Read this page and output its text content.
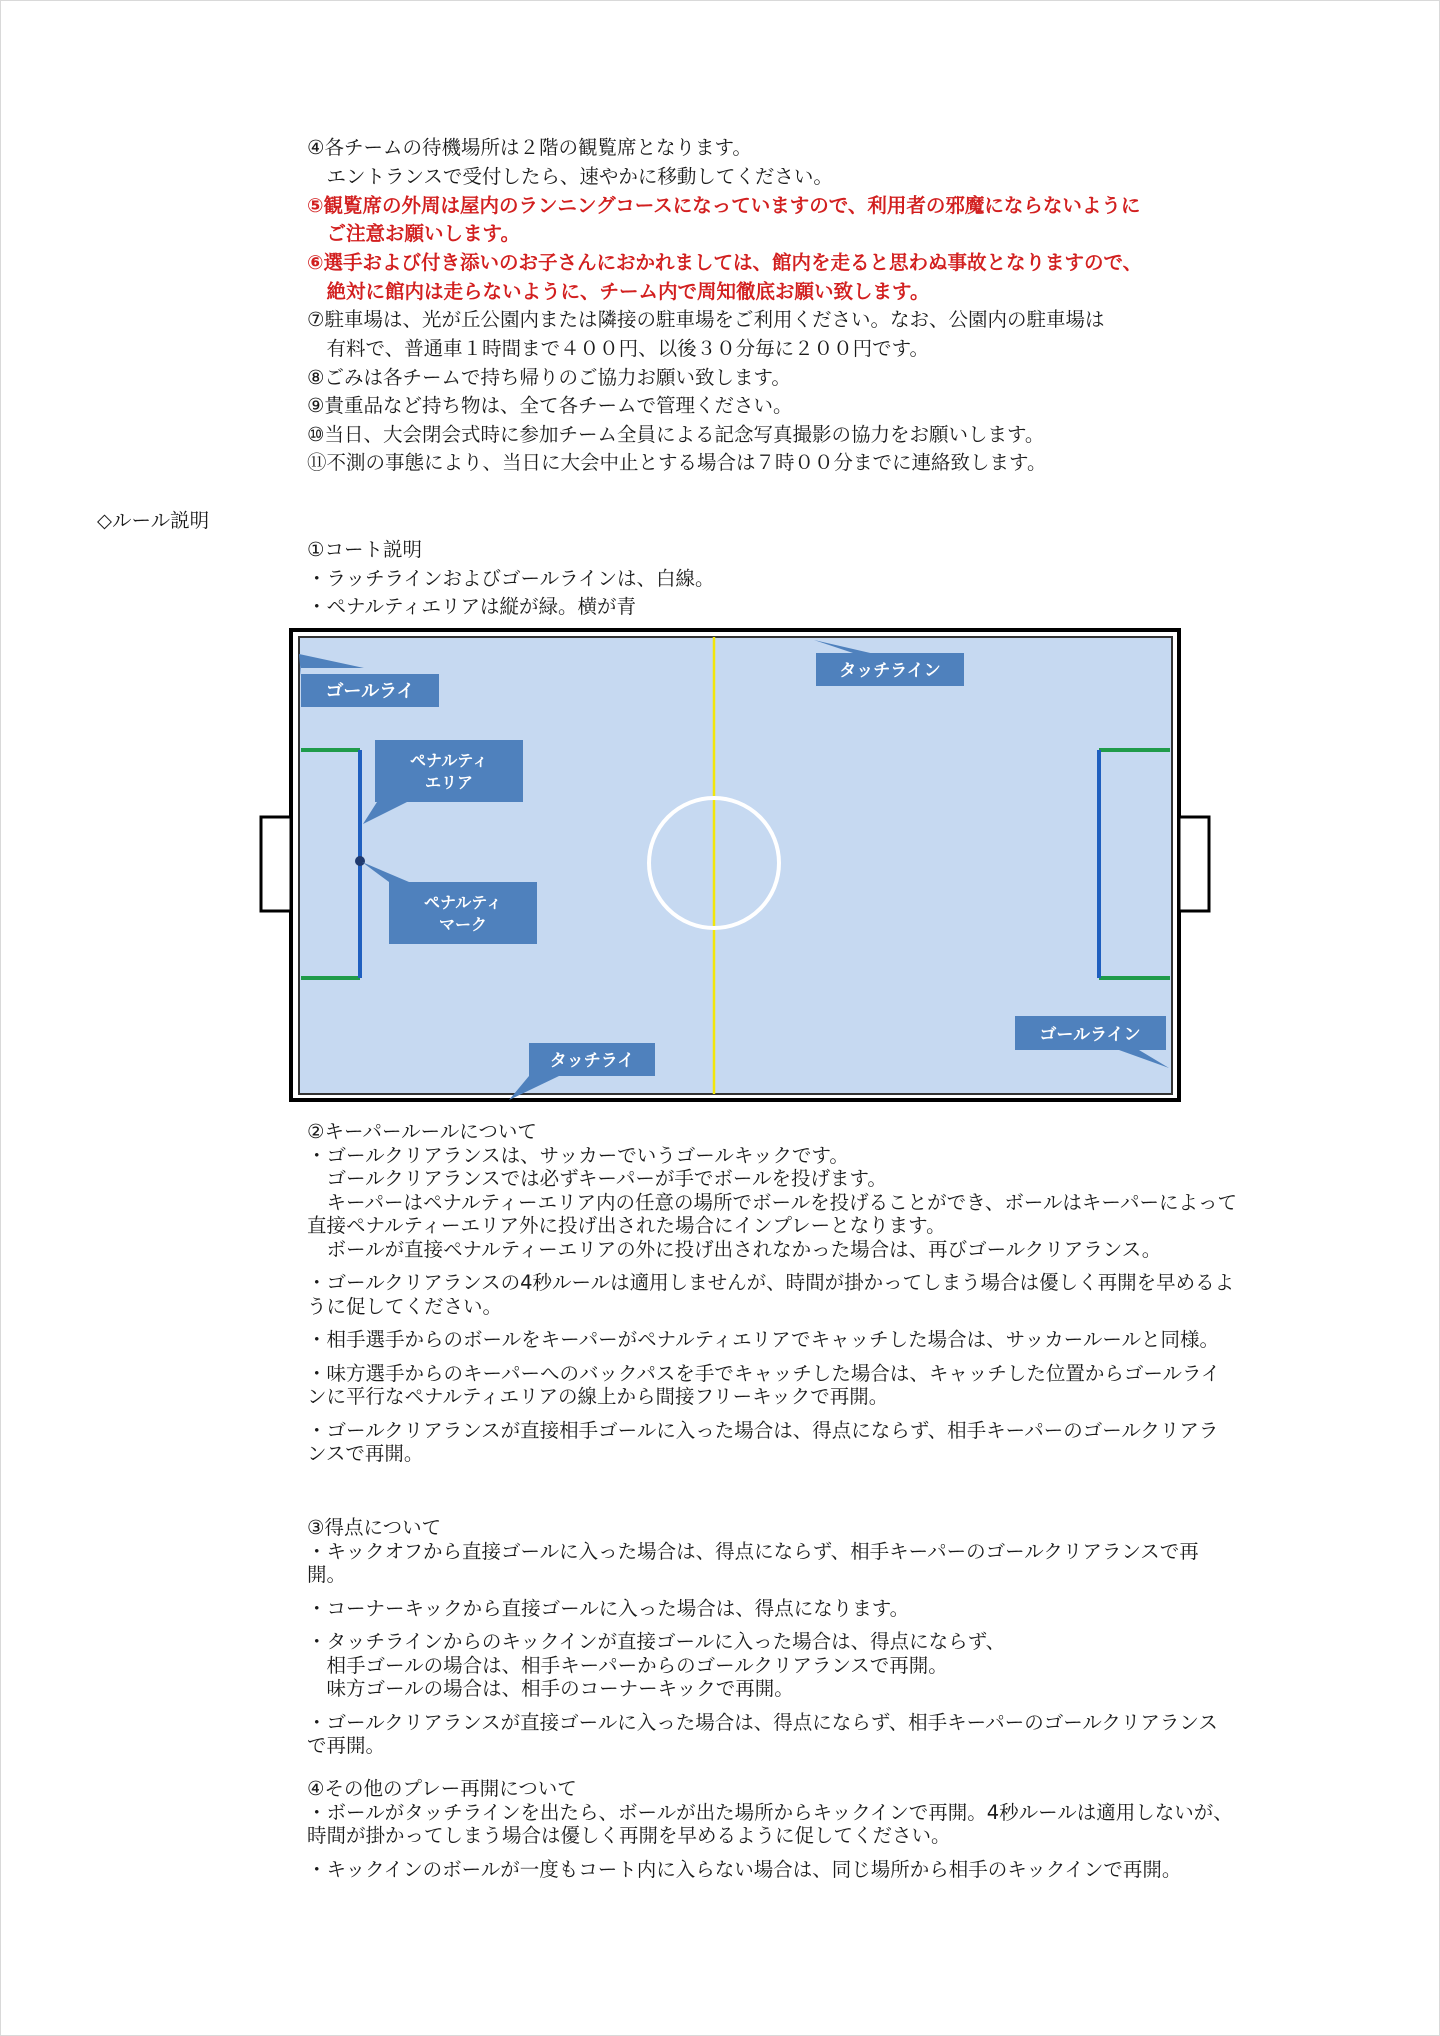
④各チームの待機場所は２階の観覧席となります。
　エントランスで受付したら、速やかに移動してください。
⑤観覧席の外周は屋内のランニングコースになっていますので、利用者の邪魔にならないように
　ご注意お願いします。
⑥選手および付き添いのお子さんにおかれましては、館内を走ると思わぬ事故となりますので、
　絶対に館内は走らないように、チーム内で周知徹底お願い致します。
⑦駐車場は、光が丘公園内または隣接の駐車場をご利用ください。なお、公園内の駐車場は
　有料で、普通車１時間まで４００円、以後３０分毎に２００円です。
⑧ごみは各チームで持ち帰りのご協力お願い致します。
⑨貴重品など持ち物は、全て各チームで管理ください。
⑩当日、大会閉会式時に参加チーム全員による記念写真撮影の協力をお願いします。
⑪不測の事態により、当日に大会中止とする場合は７時００分までに連絡致します。
◇ルール説明
①コート説明
・ラッチラインおよびゴールラインは、白線。
・ペナルティエリアは縦が緑。横が青
ゴールライ
タッチライン
ペナルティ
エリア
ペナルティ
マーク
ゴールライン
タッチライ

②キーパールールについて

・ゴールクリアランスは、サッカーでいうゴールキックです。

　ゴールクリアランスでは必ずキーパーが手でボールを投げます。

　キーパーはペナルティーエリア内の任意の場所でボールを投げることができ、ボールはキーパーによって直接ペナルティーエリア外に投げ出された場合にインプレーとなります。

　ボールが直接ペナルティーエリアの外に投げ出されなかった場合は、再びゴールクリアランス。

・ゴールクリアランスの4秒ルールは適用しませんが、時間が掛かってしまう場合は優しく再開を早めるように促してください。

・相手選手からのボールをキーパーがペナルティエリアでキャッチした場合は、サッカールールと同様。

・味方選手からのキーパーへのバックパスを手でキャッチした場合は、キャッチした位置からゴールラインに平行なペナルティエリアの線上から間接フリーキックで再開。

・ゴールクリアランスが直接相手ゴールに入った場合は、得点にならず、相手キーパーのゴールクリアランスで再開。

③得点について

・キックオフから直接ゴールに入った場合は、得点にならず、相手キーパーのゴールクリアランスで再開。

・コーナーキックから直接ゴールに入った場合は、得点になります。

・タッチラインからのキックインが直接ゴールに入った場合は、得点にならず、

　相手ゴールの場合は、相手キーパーからのゴールクリアランスで再開。

　味方ゴールの場合は、相手のコーナーキックで再開。

・ゴールクリアランスが直接ゴールに入った場合は、得点にならず、相手キーパーのゴールクリアランスで再開。

④その他のプレー再開について

・ボールがタッチラインを出たら、ボールが出た場所からキックインで再開。4秒ルールは適用しないが、時間が掛かってしまう場合は優しく再開を早めるように促してください。

・キックインのボールが一度もコート内に入らない場合は、同じ場所から相手のキックインで再開。
